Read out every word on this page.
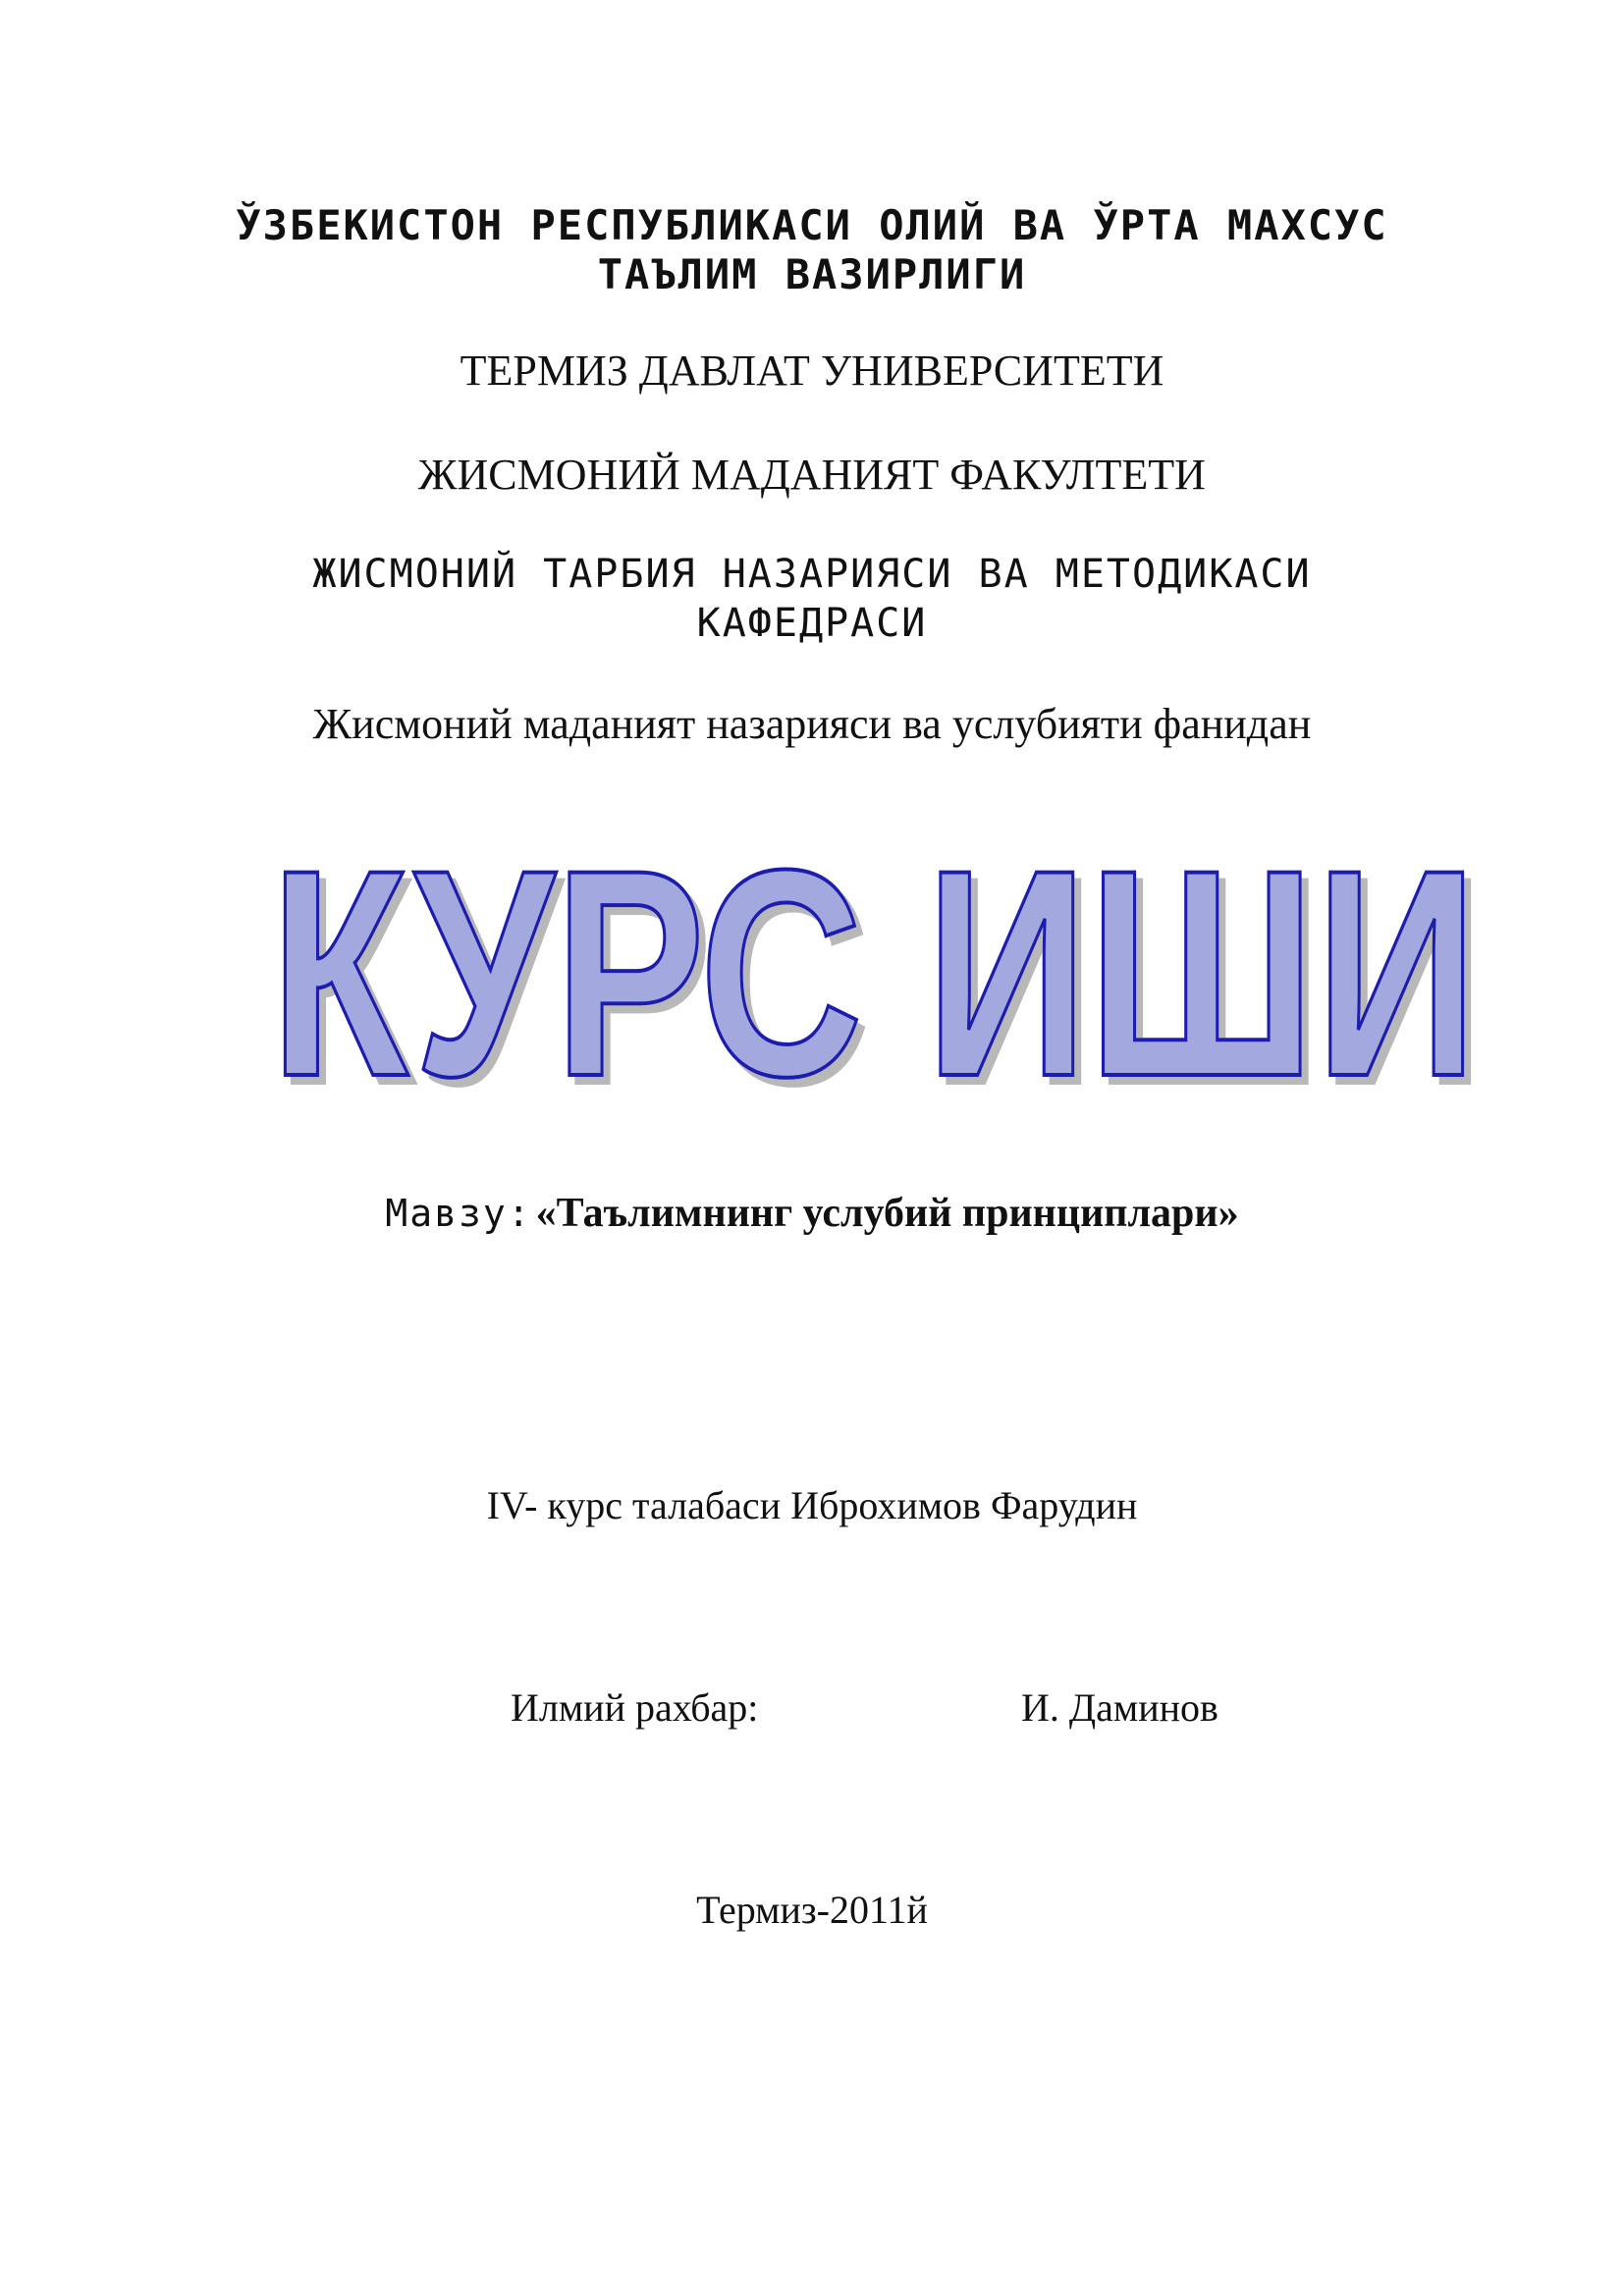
ЎЗБЕКИСТОН РЕСПУБЛИКАСИ ОЛИЙ ВА ЎРТА МАХСУС
ТАЪЛИМ ВАЗИРЛИГИ
ТЕРМИЗ ДАВЛАТ УНИВЕРСИТЕТИ
ЖИСМОНИЙ МАДАНИЯТ ФАКУЛТЕТИ
ЖИСМОНИЙ ТАРБИЯ НАЗАРИЯСИ ВА МЕТОДИКАСИ
КАФЕДРАСИ
Жисмоний маданият назарияси ва услубияти фанидан
КУРС ИШИ
Мавзу: «Таълимнинг услубий принциплари»
IV- курс талабаси Иброхимов Фарудин
Илмий рахбар:	И. Даминов
Термиз-2011й
